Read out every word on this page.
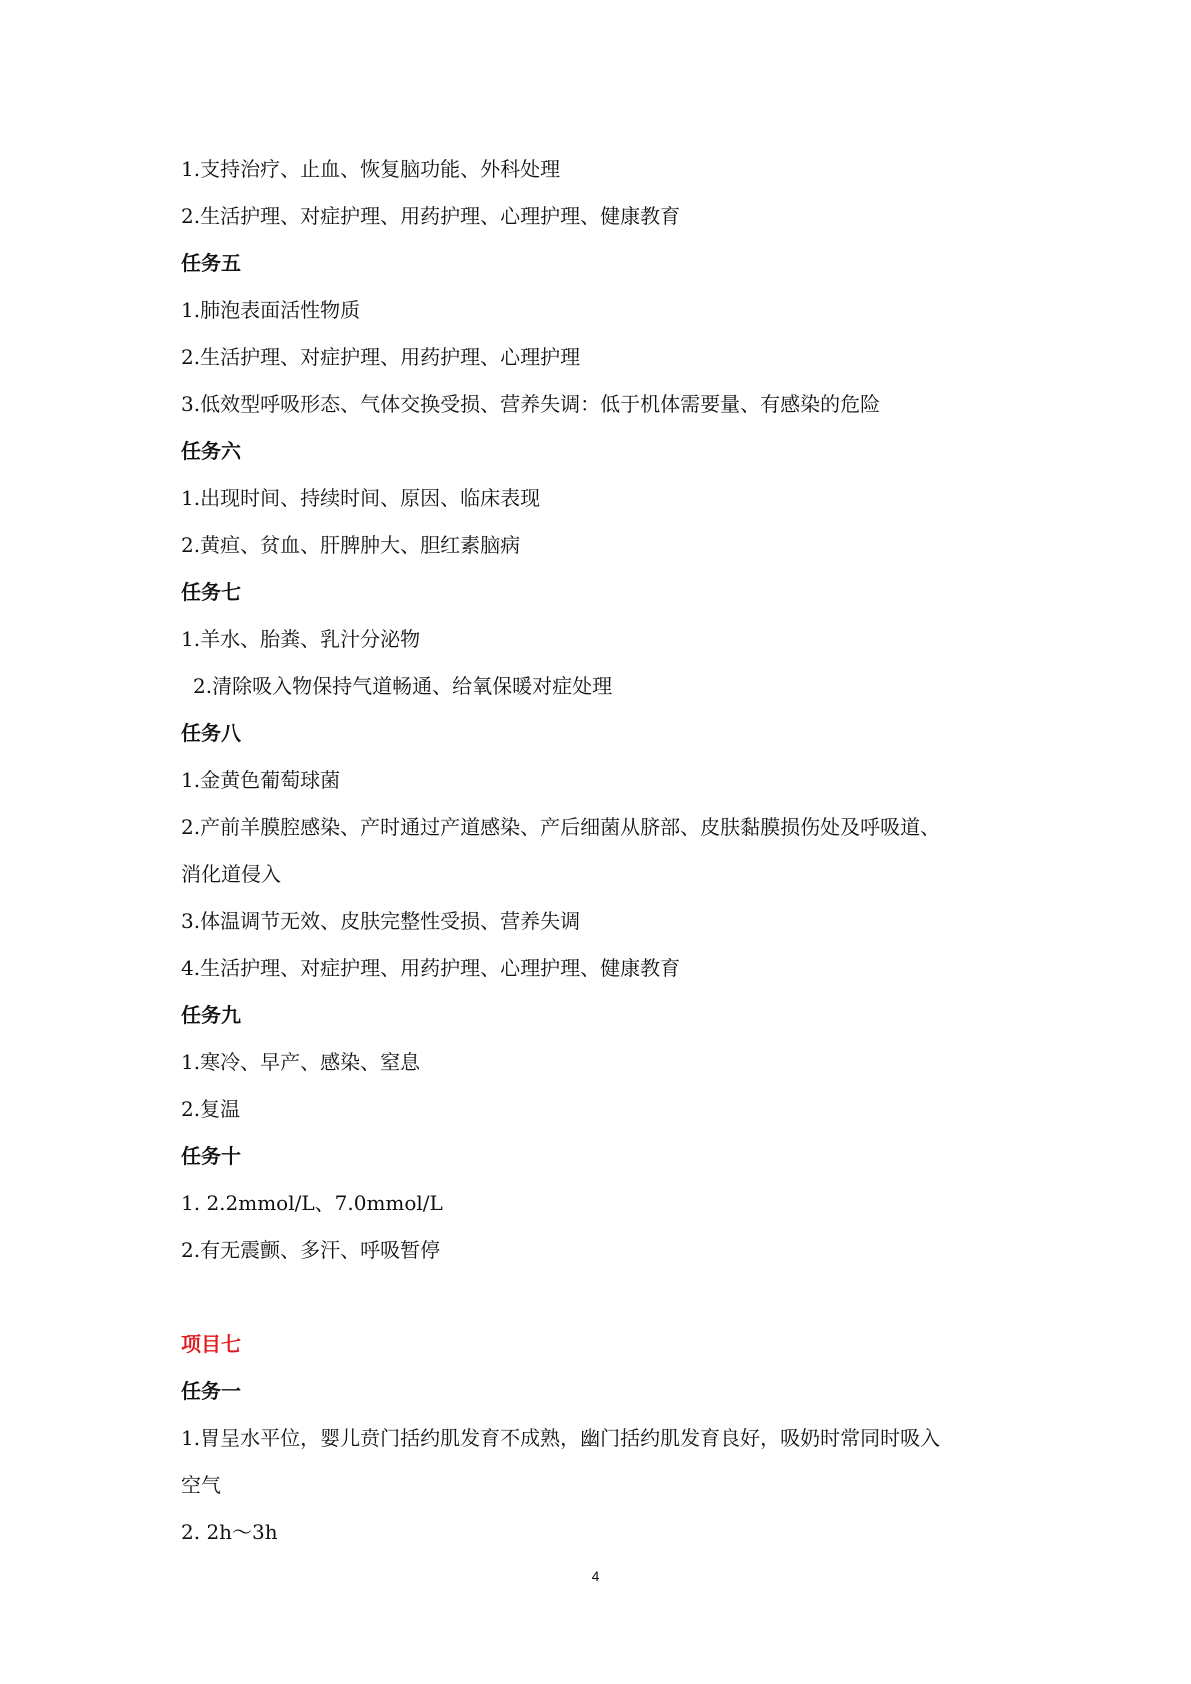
1.支持治疗、止血、恢复脑功能、外科处理
2.生活护理、对症护理、用药护理、心理护理、健康教育
任务五
1.肺泡表面活性物质
2.生活护理、对症护理、用药护理、心理护理
3.低效型呼吸形态、气体交换受损、营养失调：低于机体需要量、有感染的危险
任务六
1.出现时间、持续时间、原因、临床表现
2.黄疸、贫血、肝脾肿大、胆红素脑病
任务七
1.羊水、胎粪、乳汁分泌物
2.清除吸入物保持气道畅通、给氧保暖对症处理
任务八
1.金黄色葡萄球菌
2.产前羊膜腔感染、产时通过产道感染、产后细菌从脐部、皮肤黏膜损伤处及呼吸道、
消化道侵入
3.体温调节无效、皮肤完整性受损、营养失调
4.生活护理、对症护理、用药护理、心理护理、健康教育
任务九
1.寒冷、早产、感染、窒息
2.复温
任务十
1. 2.2mmol/L、7.0mmol/L
2.有无震颤、多汗、呼吸暂停
项目七
任务一
1.胃呈水平位，婴儿贲门括约肌发育不成熟，幽门括约肌发育良好，吸奶时常同时吸入
空气
2. 2h～3h
4
